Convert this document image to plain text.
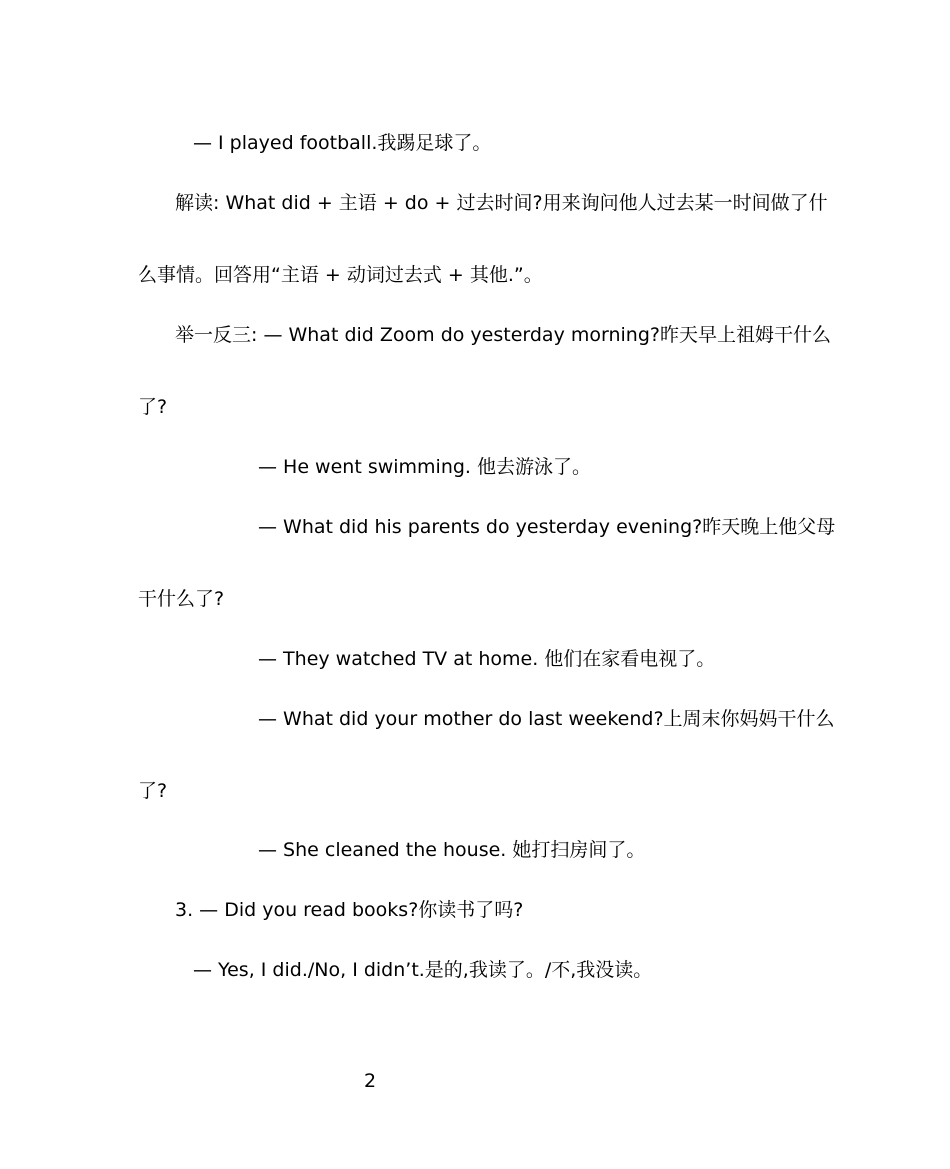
— I played football.我踢足球了。
解读: What did + 主语 + do + 过去时间?用来询问他人过去某一时间做了什
么事情。回答用“主语 + 动词过去式 + 其他.”。
举一反三: — What did Zoom do yesterday morning?昨天早上祖姆干什么
了?
— He went swimming. 他去游泳了。
— What did his parents do yesterday evening?昨天晚上他父母
干什么了?
— They watched TV at home. 他们在家看电视了。
— What did your mother do last weekend?上周末你妈妈干什么
了?
— She cleaned the house. 她打扫房间了。
3. — Did you read books?你读书了吗?
— Yes, I did./No, I didn’t.是的,我读了。/不,我没读。
2
